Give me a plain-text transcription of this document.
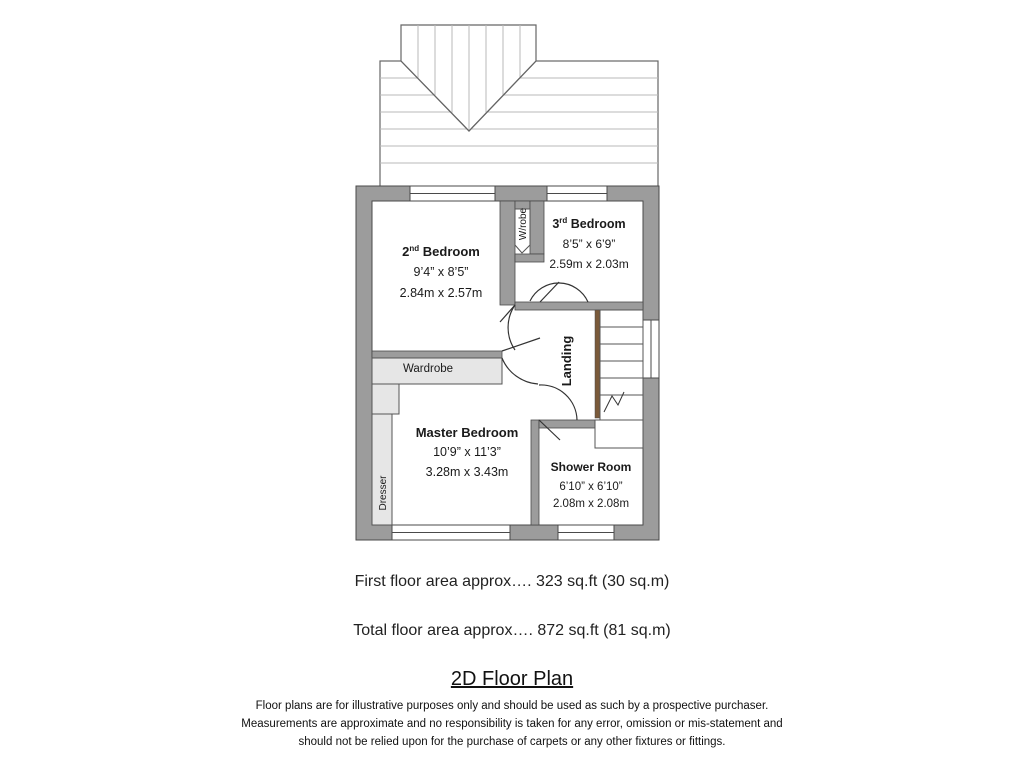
2nd Bedroom
9’4” x 8’5”
2.84m x 2.57m
3rd Bedroom
8’5” x 6’9”
2.59m x 2.03m
Master Bedroom
10’9” x 11’3”
3.28m x 3.43m	Shower Room
6’10” x 6’10”
2.08m x 2.08m
Landing
Wardrobe
W/robe
Dresser
First floor area approx…. 323 sq.ft (30 sq.m)
Total floor area approx…. 872 sq.ft (81 sq.m)
2D Floor Plan
Floor plans are for illustrative purposes only and should be used as such by a prospective purchaser.
Measurements are approximate and no responsibility is taken for any error, omission or mis-statement and
should not be relied upon for the purchase of carpets or any other fixtures or fittings.
